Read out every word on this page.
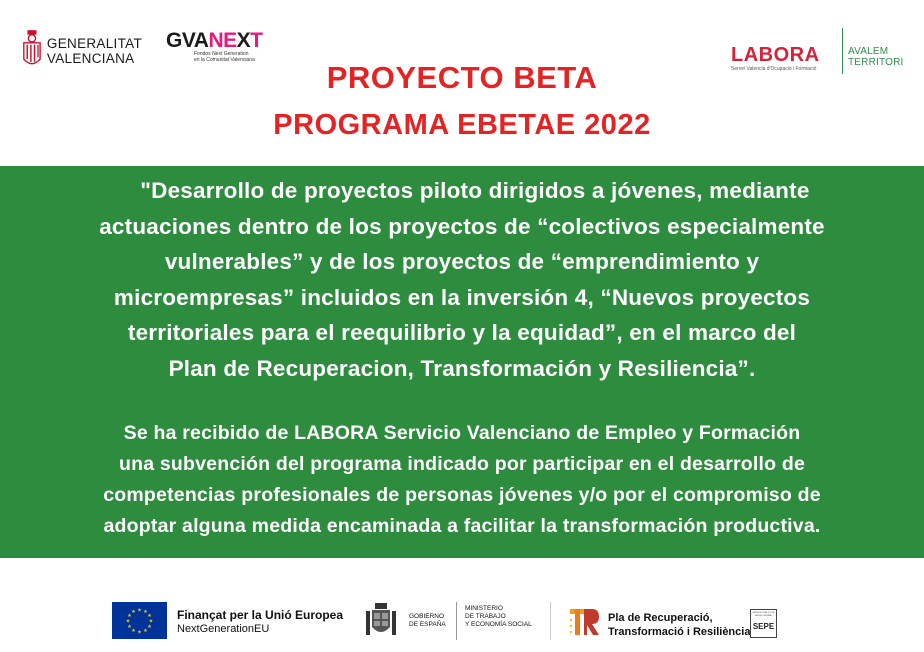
GENERALITAT
VALENCIANA
GVANEXT
Fondos Next Generation
en la Comunitat Valenciana	LABORA
Servei Valencià d'Ocupació i Formació
AVALEM
TERRITORI
PROYECTO BETA
PROGRAMA EBETAE 2022
"Desarrollo de proyectos piloto dirigidos a jóvenes, mediante
actuaciones dentro de los proyectos de “colectivos especialmente
vulnerables” y de los proyectos de “emprendimiento y
microempresas” incluidos en la inversión 4, “Nuevos proyectos
territoriales para el reequilibrio y la equidad”, en el marco del
Plan de Recuperacion, Transformación y Resiliencia”.
Se ha recibido de LABORA Servicio Valenciano de Empleo y Formación
una subvención del programa indicado por participar en el desarrollo de
competencias profesionales de personas jóvenes y/o por el compromiso de
adoptar alguna medida encaminada a facilitar la transformación productiva.
★ ★
★
★
★
★
★
★
★
★
★
★	Finançat per la Unió Europea
NextGenerationEU
GOBIERNO
DE ESPAÑA
MINISTERIO
DE TRABAJO
Y ECONOMÍA SOCIAL
Pla de Recuperació,
Transformació i Resiliència
SERVICIO PÚBLICO DE EMPLEO ESTATAL
SEPE
